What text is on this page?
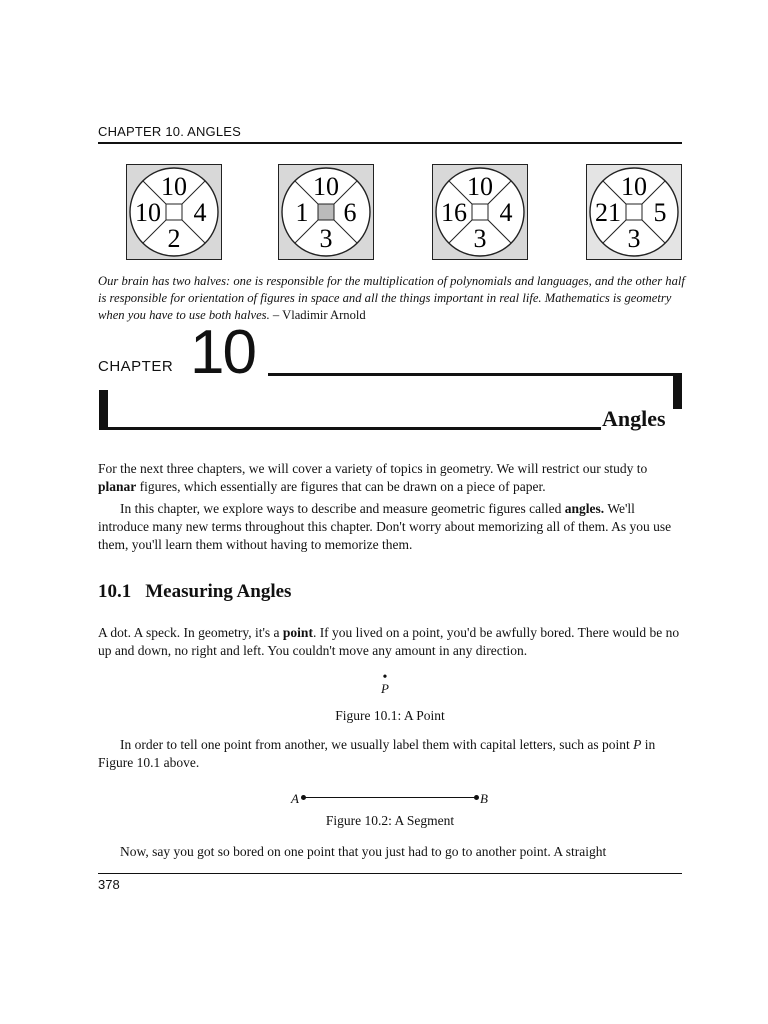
CHAPTER 10. ANGLES
10
10 4
2
10
1 6
3
10
16 4
3
10
21 5
3
Our brain has two halves: one is responsible for the multiplication of polynomials and languages, and the other half is responsible for orientation of figures in space and all the things important in real life. Mathematics is geometry when you have to use both halves. – Vladimir Arnold
CHAPTER 10
Angles
For the next three chapters, we will cover a variety of topics in geometry. We will restrict our study to planar figures, which essentially are figures that can be drawn on a piece of paper.
In this chapter, we explore ways to describe and measure geometric figures called angles. We'll introduce many new terms throughout this chapter. Don't worry about memorizing all of them. As you use them, you'll learn them without having to memorize them.
10.1 Measuring Angles
A dot. A speck. In geometry, it's a point. If you lived on a point, you'd be awfully bored. There would be no up and down, no right and left. You couldn't move any amount in any direction.
•
P
Figure 10.1: A Point
In order to tell one point from another, we usually label them with capital letters, such as point P in Figure 10.1 above.
A	B
Figure 10.2: A Segment
Now, say you got so bored on one point that you just had to go to another point. A straight
378
